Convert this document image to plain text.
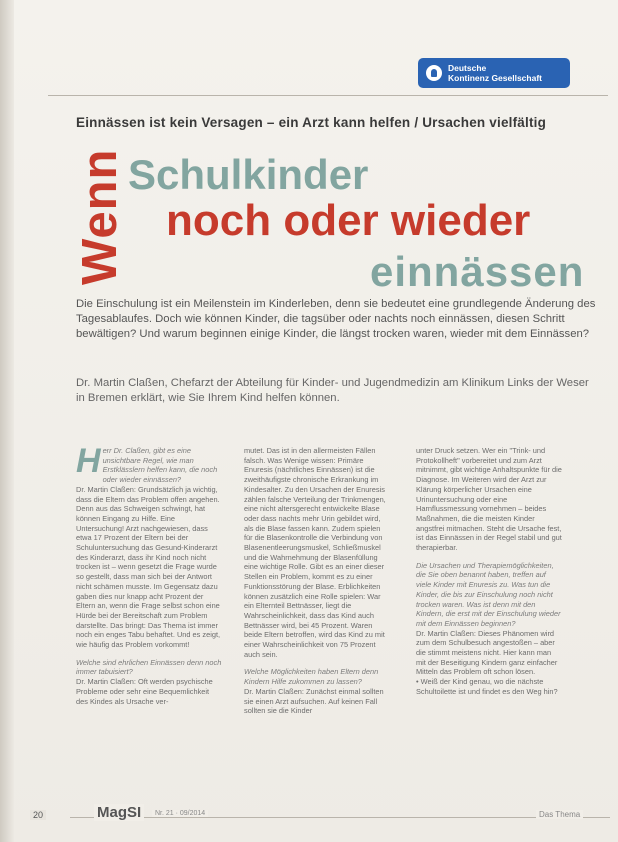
Deutsche
Kontinenz Gesellschaft
Einnässen ist kein Versagen – ein Arzt kann helfen / Ursachen vielfältig
Wenn Schulkinder
noch oder wieder
einnässen
Die Einschulung ist ein Meilenstein im Kinderleben, denn sie bedeutet eine grundlegende Änderung des Tagesablaufes. Doch wie können Kinder, die tagsüber oder nachts noch einnässen, diesen Schritt bewältigen? Und warum beginnen einige Kinder, die längst trocken waren, wieder mit dem Einnässen?
Dr. Martin Claßen, Chefarzt der Abteilung für Kinder- und Jugendmedizin am Klinikum Links der Weser in Bremen erklärt, wie Sie Ihrem Kind helfen können.

H err Dr. Claßen, gibt es eine unsichtbare Regel, wie man Erstklässlern helfen kann, die noch oder wieder einnässen?

Dr. Martin Claßen: Grundsätzlich ja wichtig, dass die Eltern das Problem offen angehen. Denn aus das Schweigen schwingt, hat können Eingang zu Hilfe. Eine Untersuchung! Arzt nachgewiesen, dass etwa 17 Prozent der Eltern bei der Schuluntersuchung das Gesund-Kinderarzt des Kinderarzt, dass ihr Kind noch nicht trocken ist – wenn gesetzt die Frage wurde so gestellt, dass man sich bei der Antwort nicht schämen musste. Im Gegensatz dazu gaben dies nur knapp acht Prozent der Eltern an, wenn die Frage selbst schon eine Hürde bei der Bereitschaft zum Problem darstellte. Das bringt: Das Thema ist immer noch ein enges Tabu behaftet. Und es zeigt, wie häufig das Problem vorkommt!

Welche sind ehrlichen Einnässen denn noch immer tabuisiert?

Dr. Martin Claßen: Oft werden psychische Probleme oder sehr eine Bequemlichkeit des Kindes als Ursache ver-

mutet. Das ist in den allermeisten Fällen falsch. Was Wenige wissen: Primäre Enuresis (nächtliches Einnässen) ist die zweithäufigste chronische Erkrankung im Kindesalter. Zu den Ursachen der Enuresis zählen falsche Verteilung der Trinkmengen, eine nicht altersgerecht entwickelte Blase oder dass nachts mehr Urin gebildet wird, als die Blase fassen kann. Zudem spielen für die Blasenkontrolle die Verbindung von Blasenentleerungsmuskel, Schließmuskel und die Wahrnehmung der Blasenfüllung eine wichtige Rolle. Gibt es an einer dieser Stellen ein Problem, kommt es zu einer Funktionsstörung der Blase. Erblichkeiten können zusätzlich eine Rolle spielen: War ein Elternteil Bettnässer, liegt die Wahrscheinlichkeit, dass das Kind auch Bettnässer wird, bei 45 Prozent. Waren beide Eltern betroffen, wird das Kind zu mit einer Wahrscheinlichkeit von 75 Prozent auch sein.

Welche Möglichkeiten haben Eltern denn Kindern Hilfe zukommen zu lassen?

Dr. Martin Claßen: Zunächst einmal sollten sie einen Arzt aufsuchen. Auf keinen Fall sollten sie die Kinder

unter Druck setzen. Wer ein "Trink- und Protokollheft" vorbereitet und zum Arzt mitnimmt, gibt wichtige Anhaltspunkte für die Diagnose. Im Weiteren wird der Arzt zur Klärung körperlicher Ursachen eine Urinuntersuchung oder eine Harnflussmessung vornehmen – beides Maßnahmen, die die meisten Kinder angstfrei mitmachen. Steht die Ursache fest, ist das Einnässen in der Regel stabil und gut therapierbar.

Die Ursachen und Therapiemöglichkeiten, die Sie oben benannt haben, treffen auf viele Kinder mit Enuresis zu. Was tun die Kinder, die bis zur Einschulung noch nicht trocken waren. Was ist denn mit den Kindern, die erst mit der Einschulung wieder mit dem Einnässen beginnen?

Dr. Martin Claßen: Dieses Phänomen wird zum dem Schulbesuch angestoßen – aber die stimmt meistens nicht. Hier kann man mit der Beseitigung Kindern ganz einfacher Mitteln das Problem oft schon lösen.

• Weiß der Kind genau, wo die nächste Schultoilette ist und findet es den Weg hin?

20	MagSI	Nr. 21 · 09/2014	Das Thema
